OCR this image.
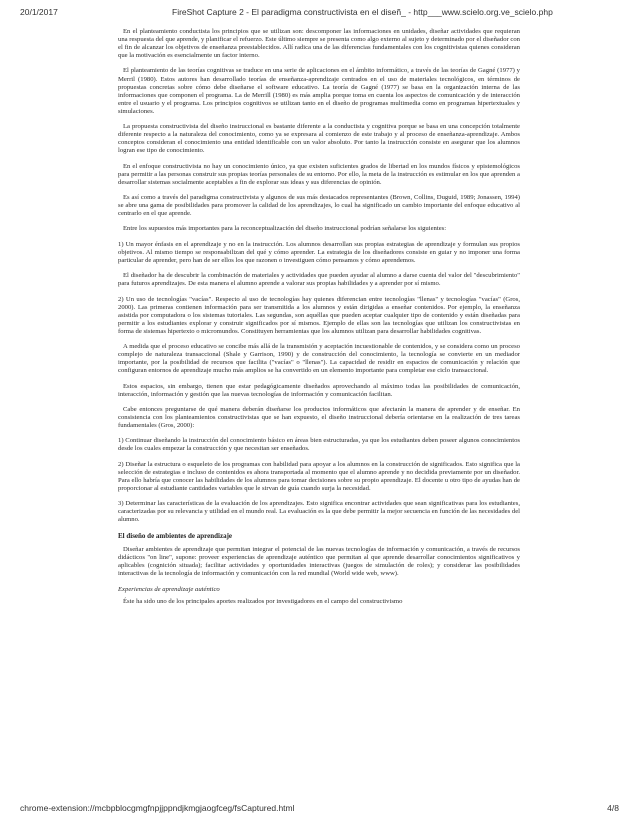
20/1/2017	FireShot Capture 2 - El paradigma constructivista en el diseñ_ - http___www.scielo.org.ve_scielo.php

En el planteamiento conductista los principios que se utilizan son: descomponer las informaciones en unidades, diseñar actividades que requieran una respuesta del que aprende, y planificar el refuerzo. Este último siempre se presenta como algo externo al sujeto y determinado por el diseñador con el fin de alcanzar los objetivos de enseñanza preestablecidos. Allí radica una de las diferencias fundamentales con los cognitivistas quienes consideran que la motivación es esencialmente un factor interno.

El planteamiento de las teorías cognitivas se traduce en una serie de aplicaciones en el ámbito informático, a través de las teorías de Gagné (1977) y Merril (1980). Estos autores han desarrollado teorías de enseñanza-aprendizaje centrados en el uso de materiales tecnológicos, en términos de propuestas concretas sobre cómo debe diseñarse el software educativo. La teoría de Gagné (1977) se basa en la organización interna de las informaciones que componen el programa. La de Merrill (1980) es más amplia porque toma en cuenta los aspectos de comunicación y de interacción entre el usuario y el programa. Los principios cognitivos se utilizan tanto en el diseño de programas multimedia como en programas hipertextuales y simulaciones.

La propuesta constructivista del diseño instruccional es bastante diferente a la conductista y cognitiva porque se basa en una concepción totalmente diferente respecto a la naturaleza del conocimiento, como ya se expresara al comienzo de este trabajo y al proceso de enseñanza-aprendizaje. Ambos conceptos consideran el conocimiento una entidad identificable con un valor absoluto. Por tanto la instrucción consiste en asegurar que los alumnos logran ese tipo de conocimiento.

En el enfoque constructivista no hay un conocimiento único, ya que existen suficientes grados de libertad en los mundos físicos y epistemológicos para permitir a las personas construir sus propias teorías personales de su entorno. Por ello, la meta de la instrucción es estimular en los que aprenden a desarrollar sistemas socialmente aceptables a fin de explorar sus ideas y sus diferencias de opinión.

Es así como a través del paradigma constructivista y algunos de sus más destacados representantes (Brown, Collins, Duguid, 1989; Jonassen, 1994) se abre una gama de posibilidades para promover la calidad de los aprendizajes, lo cual ha significado un cambio importante del enfoque educativo al centrarlo en el que aprende.

Entre los supuestos más importantes para la reconceptualización del diseño instruccional podrían señalarse los siguientes:

1) Un mayor énfasis en el aprendizaje y no en la instrucción. Los alumnos desarrollan sus propias estrategias de aprendizaje y formulan sus propios objetivos. Al mismo tiempo se responsabilizan del qué y cómo aprender. La estrategia de los diseñadores consiste en guiar y no imponer una forma particular de aprender, pero han de ser ellos los que razonen o investiguen cómo pensamos y cómo aprendemos.

El diseñador ha de descubrir la combinación de materiales y actividades que pueden ayudar al alumno a darse cuenta del valor del "descubrimiento" para futuros aprendizajes. De esta manera el alumno aprende a valorar sus propias habilidades y a aprender por sí mismo.

2) Un uso de tecnologías "vacías". Respecto al uso de tecnologías hay quienes diferencian entre tecnologías "llenas" y tecnologías "vacías" (Gros, 2000). Las primeras contienen información para ser transmitida a los alumnos y están dirigidas a enseñar contenidos. Por ejemplo, la enseñanza asistida por computadora o los sistemas tutoriales. Las segundas, son aquéllas que pueden aceptar cualquier tipo de contenido y están diseñadas para permitir a los estudiantes explorar y construir significados por sí mismos. Ejemplo de ellas son las tecnologías que utilizan los constructivistas en forma de sistemas hipertexto o micromundos. Constituyen herramientas que los alumnos utilizan para desarrollar habilidades cognitivas.

A medida que el proceso educativo se concibe más allá de la transmisión y aceptación incuestionable de contenidos, y se considera como un proceso complejo de naturaleza transaccional (Shale y Garrison, 1990) y de construcción del conocimiento, la tecnología se convierte en un mediador importante, por la posibilidad de recursos que facilita ("vacías" o "llenas"). La capacidad de residir en espacios de comunicación y relación que configuran entornos de aprendizaje mucho más amplios se ha convertido en un elemento importante para completar ese ciclo transaccional.

Estos espacios, sin embargo, tienen que estar pedagógicamente diseñados aprovechando al máximo todas las posibilidades de comunicación, interacción, información y gestión que las nuevas tecnologías de información y comunicación facilitan.

Cabe entonces preguntarse de qué manera deberán diseñarse los productos informáticos que afectarán la manera de aprender y de enseñar. En consistencia con los planteamientos constructivistas que se han expuesto, el diseño instruccional debería orientarse en la realización de tres tareas fundamentales (Gros, 2000):

1) Continuar diseñando la instrucción del conocimiento básico en áreas bien estructuradas, ya que los estudiantes deben poseer algunos conocimientos desde los cuales empezar la construcción y que necesitan ser enseñados.

2) Diseñar la estructura o esqueleto de los programas con habilidad para apoyar a los alumnos en la construcción de significados. Esto significa que la selección de estrategias e incluso de contenidos es ahora transportada al momento que el alumno aprende y no decidida previamente por un diseñador. Para ello habría que conocer las habilidades de los alumnos para tomar decisiones sobre su propio aprendizaje. El docente u otro tipo de ayudas han de proporcionar al estudiante cantidades variables que le sirvan de guía cuando surja la necesidad.

3) Determinar las características de la evaluación de los aprendizajes. Esto significa encontrar actividades que sean significativas para los estudiantes, caracterizadas por su relevancia y utilidad en el mundo real. La evaluación es la que debe permitir la mejor secuencia en función de las necesidades del alumno.

El diseño de ambientes de aprendizaje

Diseñar ambientes de aprendizaje que permitan integrar el potencial de las nuevas tecnologías de información y comunicación, a través de recursos didácticos "on line", supone: proveer experiencias de aprendizaje auténtico que permitan al que aprende desarrollar conocimientos significativos y aplicables (cognición situada); facilitar actividades y oportunidades interactivas (juegos de simulación de roles); y considerar las posibilidades interactivas de la tecnología de información y comunicación con la red mundial (World wide web, www).

Experiencias de aprendizaje auténtico

Éste ha sido uno de los principales aportes realizados por investigadores en el campo del constructivismo

chrome-extension://mcbpblocgmgfnpjjppndjkmgjaogfceg/fsCaptured.html	4/8
